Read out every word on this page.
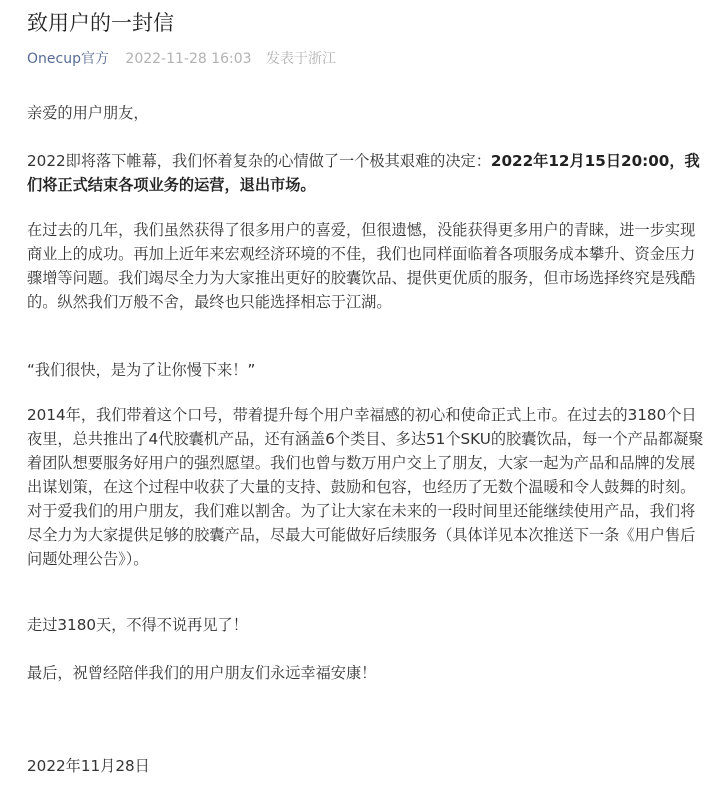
致用户的一封信
Onecup官方 2022-11-28 16:03 发表于浙江

亲爱的用户朋友，

2022即将落下帷幕，我们怀着复杂的心情做了一个极其艰难的决定：2022年12月15日20:00，我们将正式结束各项业务的运营，退出市场。

在过去的几年，我们虽然获得了很多用户的喜爱，但很遗憾，没能获得更多用户的青睐，进一步实现商业上的成功。再加上近年来宏观经济环境的不佳，我们也同样面临着各项服务成本攀升、资金压力骤增等问题。我们竭尽全力为大家推出更好的胶囊饮品、提供更优质的服务，但市场选择终究是残酷的。纵然我们万般不舍，最终也只能选择相忘于江湖。

“我们很快，是为了让你慢下来！”

2014年，我们带着这个口号，带着提升每个用户幸福感的初心和使命正式上市。在过去的3180个日夜里，总共推出了4代胶囊机产品，还有涵盖6个类目、多达51个SKU的胶囊饮品，每一个产品都凝聚着团队想要服务好用户的强烈愿望。我们也曾与数万用户交上了朋友，大家一起为产品和品牌的发展出谋划策，在这个过程中收获了大量的支持、鼓励和包容，也经历了无数个温暖和令人鼓舞的时刻。对于爱我们的用户朋友，我们难以割舍。为了让大家在未来的一段时间里还能继续使用产品，我们将尽全力为大家提供足够的胶囊产品，尽最大可能做好后续服务（具体详见本次推送下一条《用户售后问题处理公告》）。

走过3180天，不得不说再见了！

最后，祝曾经陪伴我们的用户朋友们永远幸福安康！

2022年11月28日
